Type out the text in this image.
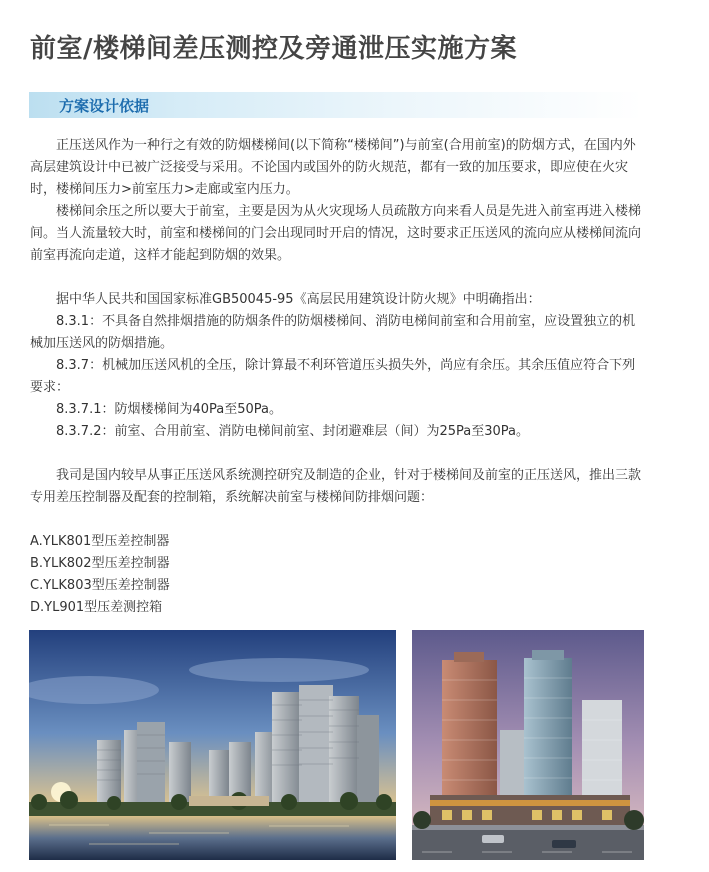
前室/楼梯间差压测控及旁通泄压实施方案
方案设计依据

正压送风作为一种行之有效的防烟楼梯间(以下简称“楼梯间”)与前室(合用前室)的防烟方式，在国内外高层建筑设计中已被广泛接受与采用。不论国内或国外的防火规范，都有一致的加压要求，即应使在火灾时，楼梯间压力>前室压力>走廊或室内压力。

楼梯间余压之所以要大于前室，主要是因为从火灾现场人员疏散方向来看人员是先进入前室再进入楼梯间。当人流量较大时，前室和楼梯间的门会出现同时开启的情况，这时要求正压送风的流向应从楼梯间流向前室再流向走道，这样才能起到防烟的效果。

据中华人民共和国国家标准GB50045-95《高层民用建筑设计防火规》中明确指出：

8.3.1：不具备自然排烟措施的防烟条件的防烟楼梯间、消防电梯间前室和合用前室，应设置独立的机械加压送风的防烟措施。

8.3.7：机械加压送风机的全压，除计算最不利环管道压头损失外，尚应有余压。其余压值应符合下列要求：

8.3.7.1：防烟楼梯间为40Pa至50Pa。

8.3.7.2：前室、合用前室、消防电梯间前室、封闭避难层（间）为25Pa至30Pa。

我司是国内较早从事正压送风系统测控研究及制造的企业，针对于楼梯间及前室的正压送风，推出三款专用差压控制器及配套的控制箱，系统解决前室与楼梯间防排烟问题：

A.YLK801型压差控制器

B.YLK802型压差控制器

C.YLK803型压差控制器

D.YL901型压差测控箱
